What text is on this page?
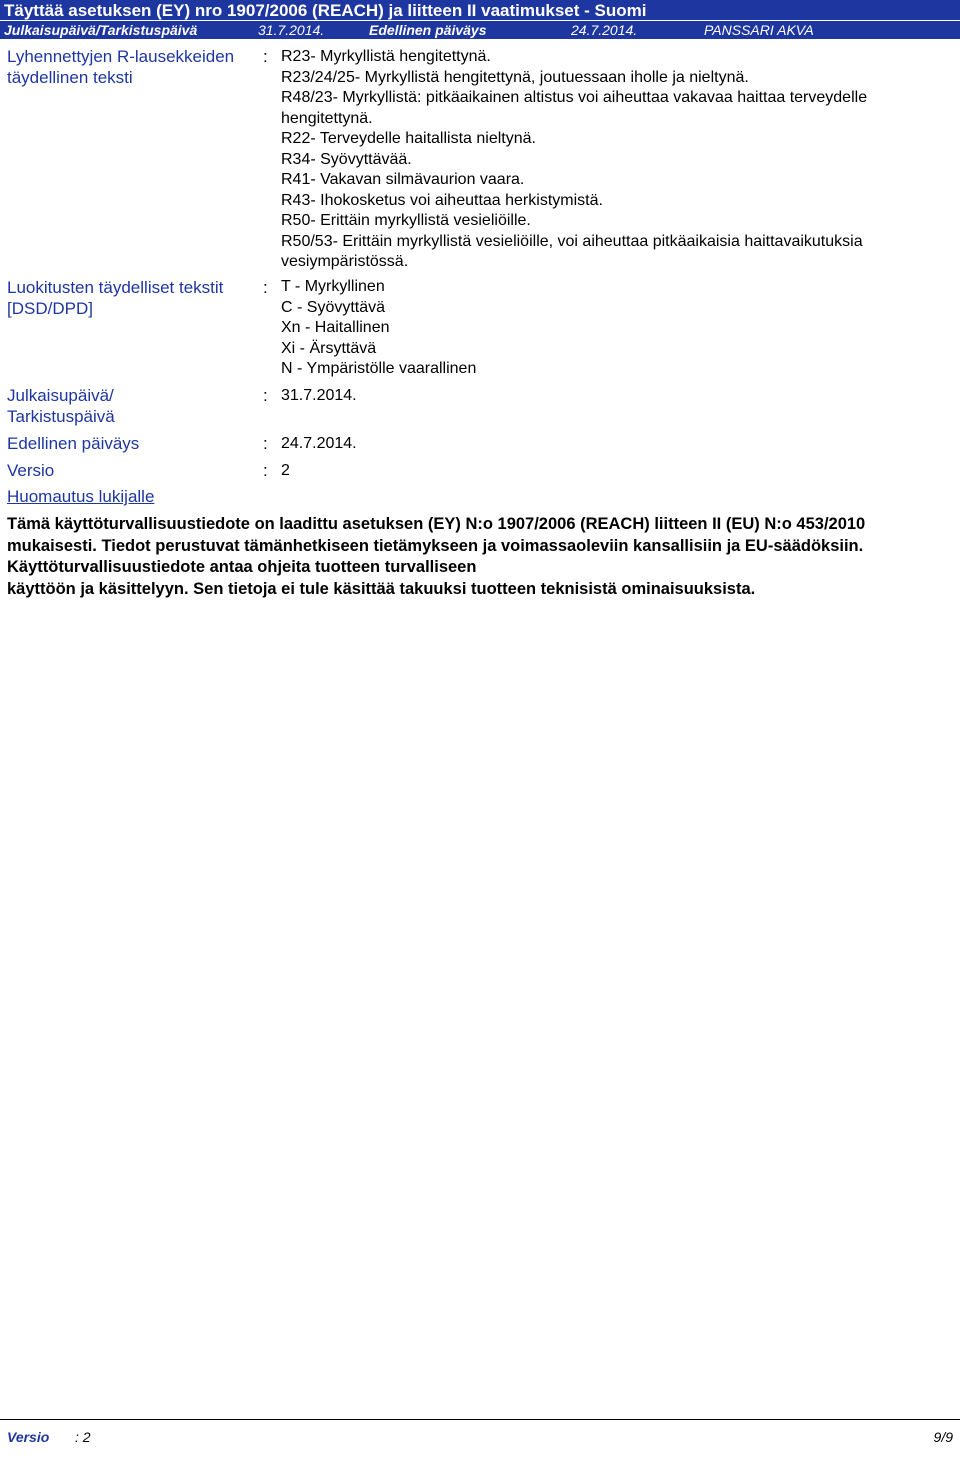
Täyttää asetuksen (EY) nro 1907/2006 (REACH) ja liitteen II vaatimukset - Suomi
Julkaisupäivä/Tarkistuspäivä	31.7.2014.	Edellinen päiväys	24.7.2014.	PANSSARI AKVA
Lyhennettyjen R-lausekkeiden täydellinen teksti
: R23- Myrkyllistä hengitettynä.
R23/24/25- Myrkyllistä hengitettynä, joutuessaan iholle ja nieltynä.
R48/23- Myrkyllistä: pitkäaikainen altistus voi aiheuttaa vakavaa haittaa terveydelle hengitettynä.
R22- Terveydelle haitallista nieltynä.
R34- Syövyttävää.
R41- Vakavan silmävaurion vaara.
R43- Ihokosketus voi aiheuttaa herkistymistä.
R50- Erittäin myrkyllistä vesieliöille.
R50/53- Erittäin myrkyllistä vesieliöille, voi aiheuttaa pitkäaikaisia haittavaikutuksia vesiympäristössä.
Luokitusten täydelliset tekstit [DSD/DPD]
: T - Myrkyllinen
C - Syövyttävä
Xn - Haitallinen
Xi - Ärsyttävä
N - Ympäristölle vaarallinen
Julkaisupäivä/ Tarkistuspäivä
: 31.7.2014.
Edellinen päiväys	: 24.7.2014.
Versio	: 2
Huomautus lukijalle
Tämä käyttöturvallisuustiedote on laadittu asetuksen (EY) N:o 1907/2006 (REACH) liitteen II (EU) N:o 453/2010
mukaisesti. Tiedot perustuvat tämänhetkiseen tietämykseen ja voimassaoleviin kansallisiin ja EU-säädöksiin.
Käyttöturvallisuustiedote antaa ohjeita tuotteen turvalliseen
käyttöön ja käsittelyyn. Sen tietoja ei tule käsittää takuuksi tuotteen teknisistä ominaisuuksista.
Versio : 2	9/9
